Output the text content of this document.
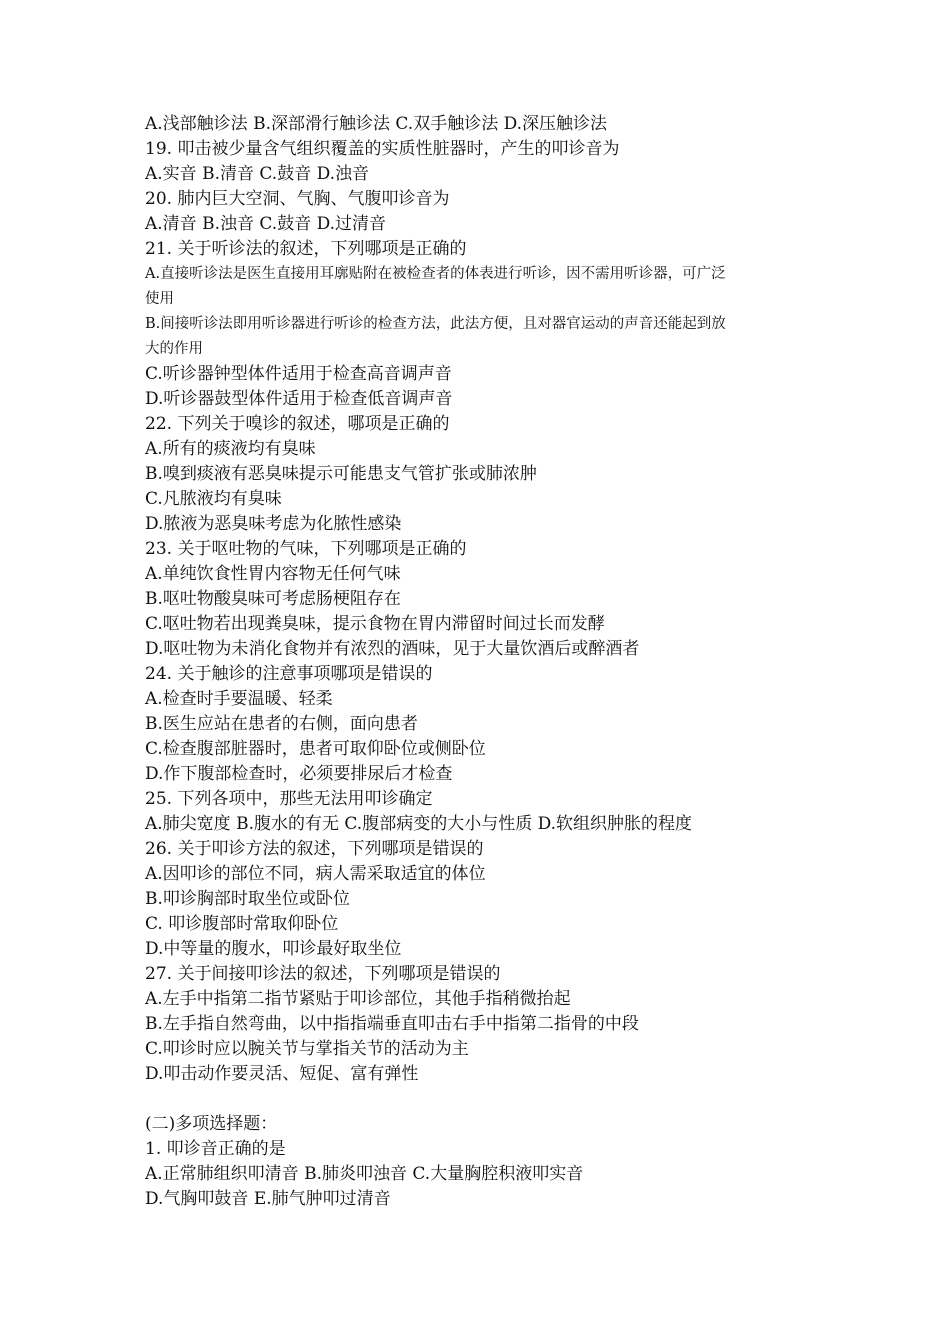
A.浅部触诊法 B.深部滑行触诊法 C.双手触诊法 D.深压触诊法
19. 叩击被少量含气组织覆盖的实质性脏器时，产生的叩诊音为
A.实音 B.清音 C.鼓音 D.浊音
20. 肺内巨大空洞、气胸、气腹叩诊音为
A.清音 B.浊音 C.鼓音 D.过清音
21. 关于听诊法的叙述，下列哪项是正确的
A.直接听诊法是医生直接用耳廓贴附在被检查者的体表进行听诊，因不需用听诊器，可广泛
使用
B.间接听诊法即用听诊器进行听诊的检查方法，此法方便，且对器官运动的声音还能起到放
大的作用
C.听诊器钟型体件适用于检查高音调声音
D.听诊器鼓型体件适用于检查低音调声音
22. 下列关于嗅诊的叙述，哪项是正确的
A.所有的痰液均有臭味
B.嗅到痰液有恶臭味提示可能患支气管扩张或肺浓肿
C.凡脓液均有臭味
D.脓液为恶臭味考虑为化脓性感染
23. 关于呕吐物的气味，下列哪项是正确的
A.单纯饮食性胃内容物无任何气味
B.呕吐物酸臭味可考虑肠梗阻存在
C.呕吐物若出现粪臭味，提示食物在胃内滞留时间过长而发酵
D.呕吐物为未消化食物并有浓烈的酒味，见于大量饮酒后或醉酒者
24. 关于触诊的注意事项哪项是错误的
A.检查时手要温暖、轻柔
B.医生应站在患者的右侧，面向患者
C.检查腹部脏器时，患者可取仰卧位或侧卧位
D.作下腹部检查时，必须要排尿后才检查
25. 下列各项中，那些无法用叩诊确定
A.肺尖宽度 B.腹水的有无 C.腹部病变的大小与性质 D.软组织肿胀的程度
26. 关于叩诊方法的叙述，下列哪项是错误的
A.因叩诊的部位不同，病人需采取适宜的体位
B.叩诊胸部时取坐位或卧位
C. 叩诊腹部时常取仰卧位
D.中等量的腹水，叩诊最好取坐位
27. 关于间接叩诊法的叙述，下列哪项是错误的
A.左手中指第二指节紧贴于叩诊部位，其他手指稍微抬起
B.左手指自然弯曲，以中指指端垂直叩击右手中指第二指骨的中段
C.叩诊时应以腕关节与掌指关节的活动为主
D.叩击动作要灵活、短促、富有弹性
(二)多项选择题：
1. 叩诊音正确的是
A.正常肺组织叩清音 B.肺炎叩浊音 C.大量胸腔积液叩实音
D.气胸叩鼓音 E.肺气肿叩过清音
